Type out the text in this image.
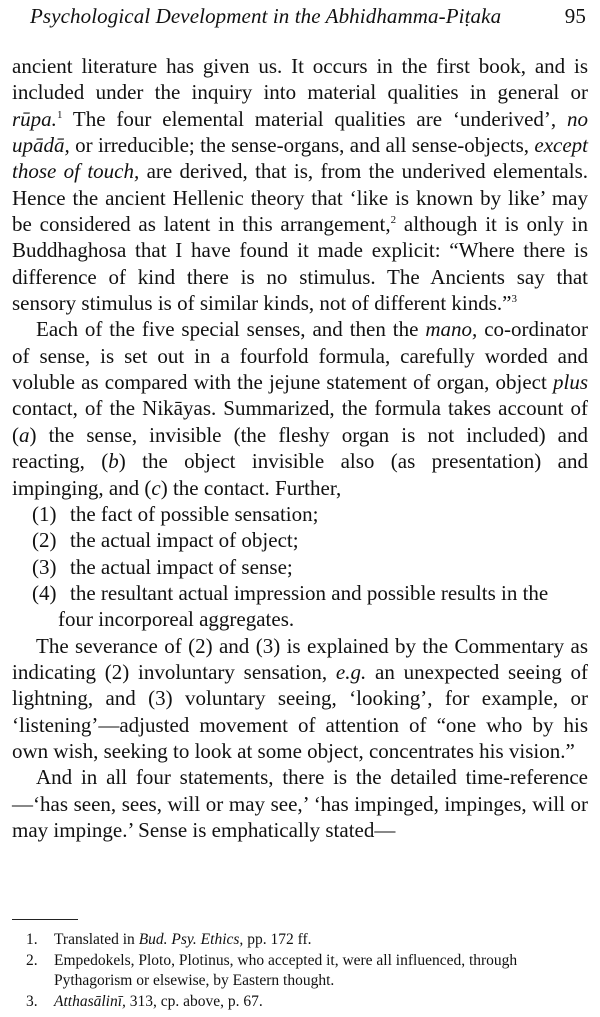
Psychological Development in the Abhidhamma-Piṭaka	95

ancient literature has given us. It occurs in the first book, and is included under the inquiry into material qualities in general or rūpa.$^1$ The four elemental material qualities are ‘underived’, no upādā, or irreducible; the sense-organs, and all sense-objects, except those of touch, are derived, that is, from the underived elementals. Hence the ancient Hellenic theory that ‘like is known by like’ may be considered as latent in this arrangement,$^2$ although it is only in Buddhaghosa that I have found it made explicit: “Where there is difference of kind there is no stimulus. The Ancients say that sensory stimulus is of similar kinds, not of different kinds.”$^3$

Each of the five special senses, and then the mano, co-ordinator of sense, is set out in a fourfold formula, carefully worded and voluble as compared with the jejune statement of organ, object plus contact, of the Nikāyas. Summarized, the formula takes account of (a) the sense, invisible (the fleshy organ is not included) and reacting, (b) the object invisible also (as presentation) and impinging, and (c) the contact. Further,

(1) the fact of possible sensation;
(2) the actual impact of object;
(3) the actual impact of sense;
(4) the resultant actual impression and possible results in the four incorporeal aggregates.

The severance of (2) and (3) is explained by the Commentary as indicating (2) involuntary sensation, e.g. an unexpected seeing of lightning, and (3) voluntary seeing, ‘looking’, for example, or ‘listening’—adjusted movement of attention of “one who by his own wish, seeking to look at some object, concentrates his vision.”

And in all four statements, there is the detailed time-reference—‘has seen, sees, will or may see,’ ‘has impinged, impinges, will or may impinge.’ Sense is emphatically stated—

1. Translated in Bud. Psy. Ethics, pp. 172 ff.
2. Empedokels, Ploto, Plotinus, who accepted it, were all influenced, through Pythagorism or elsewise, by Eastern thought.
3. Atthasālinī, 313, cp. above, p. 67.
